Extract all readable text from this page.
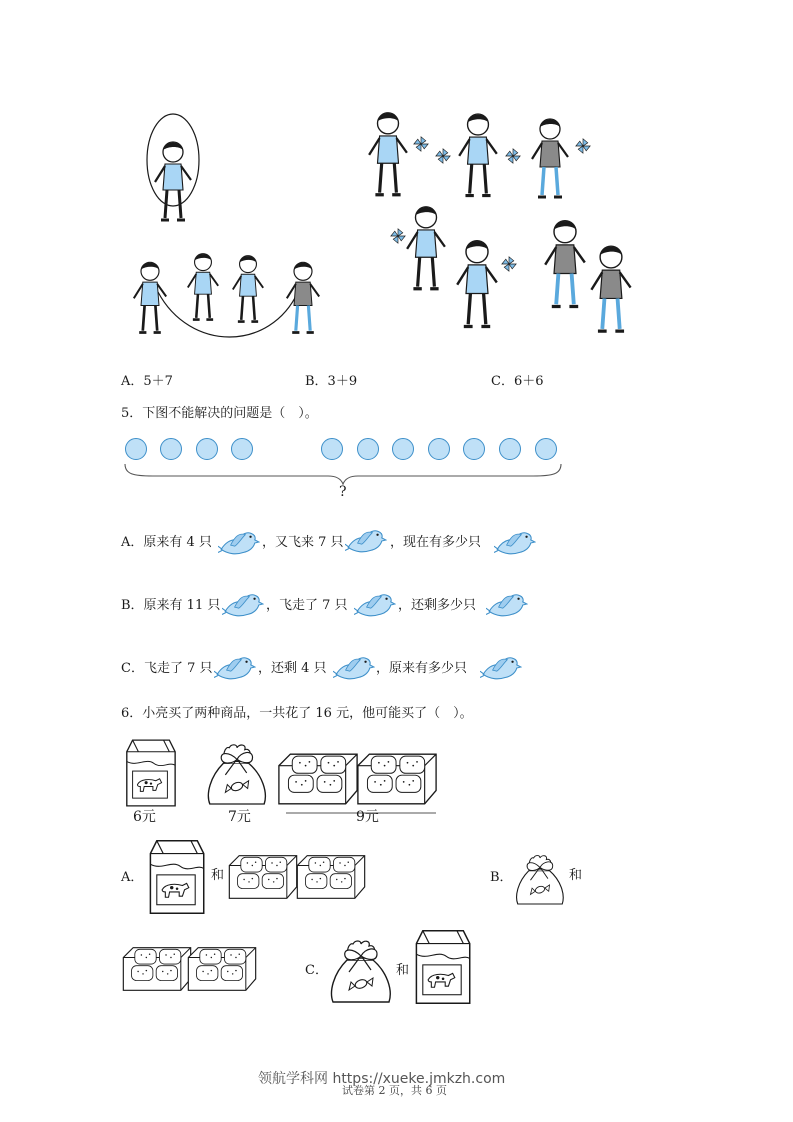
A．5＋7	B．3＋9	C．6＋6
5．下图不能解决的问题是（　）。
?
A．原来有 4 只	，又飞来 7 只	，现在有多少只
B．原来有 11 只	，飞走了 7 只	，还剩多少只
C．飞走了 7 只	，还剩 4 只	，原来有多少只
6．小亮买了两种商品，一共花了 16 元，他可能买了（　）。
6元	7元	9元
A．	和	B．	和
C．	和
试卷第 2 页，共 6 页
领航学科网 https://xueke.jmkzh.com
